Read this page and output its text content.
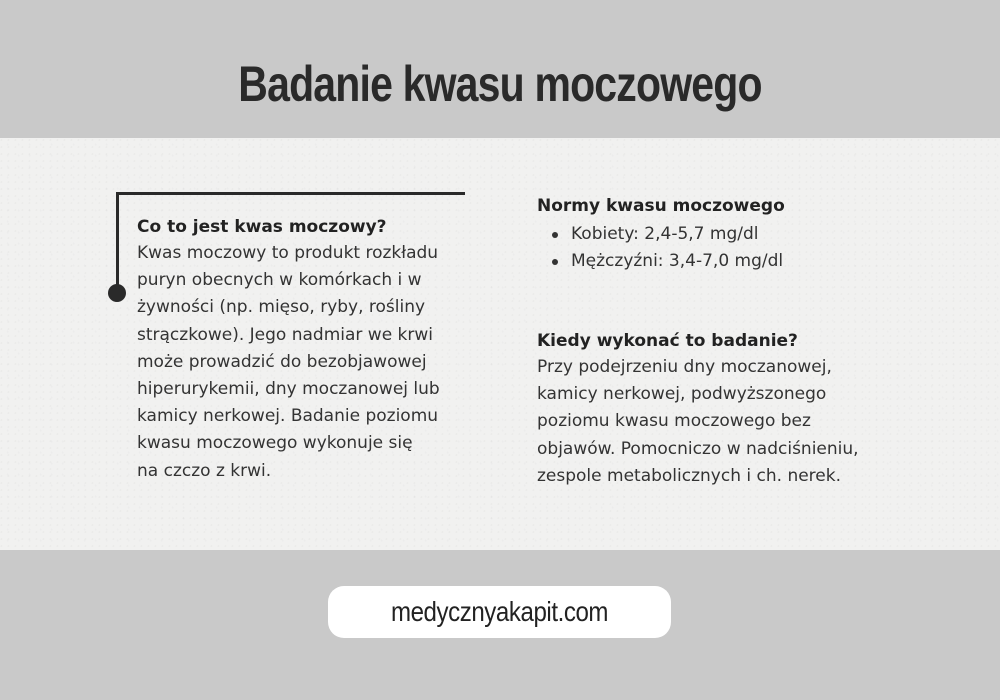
Badanie kwasu moczowego

Co to jest kwas moczowy?

Kwas moczowy to produkt rozkładu
puryn obecnych w komórkach i w
żywności (np. mięso, ryby, rośliny
strączkowe). Jego nadmiar we krwi
może prowadzić do bezobjawowej
hiperurykemii, dny moczanowej lub
kamicy nerkowej. Badanie poziomu
kwasu moczowego wykonuje się
na czczo z krwi.

Normy kwasu moczowego

Kobiety: 2,4-5,7 mg/dl
Mężczyźni: 3,4-7,0 mg/dl

Kiedy wykonać to badanie?

Przy podejrzeniu dny moczanowej,
kamicy nerkowej, podwyższonego
poziomu kwasu moczowego bez
objawów. Pomocniczo w nadciśnieniu,
zespole metabolicznych i ch. nerek.

medycznyakapit.com
